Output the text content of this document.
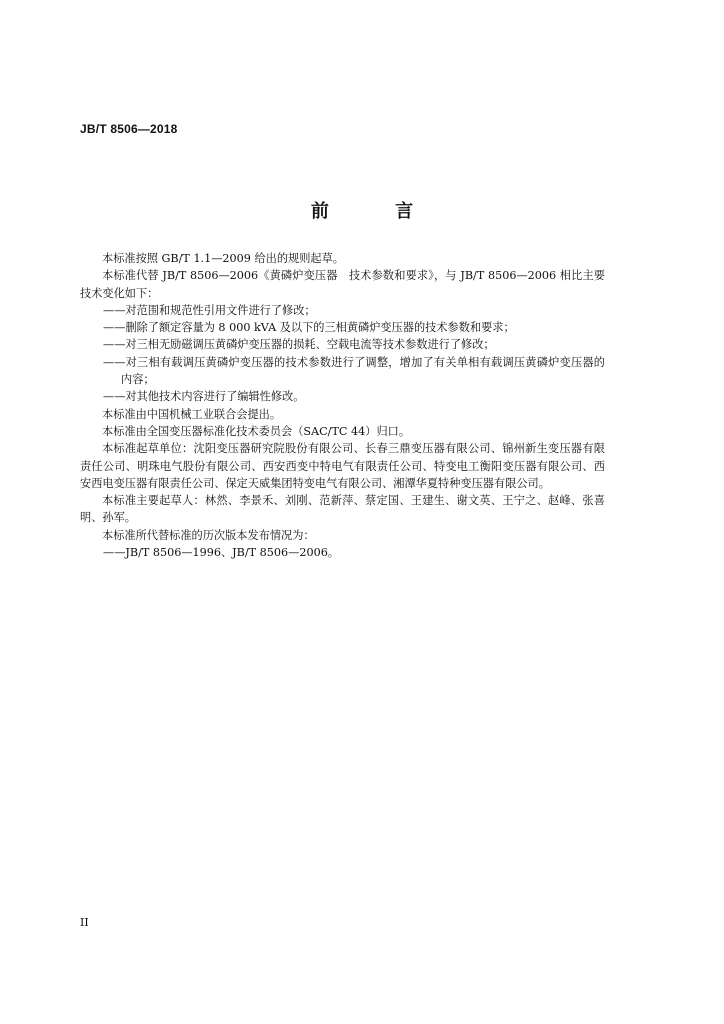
JB/T 8506—2018
前 言

本标准按照 GB/T 1.1—2009 给出的规则起草。

本标准代替 JB/T 8506—2006《黄磷炉变压器　技术参数和要求》，与 JB/T 8506—2006 相比主要技术变化如下：

——对范围和规范性引用文件进行了修改；

——删除了额定容量为 8 000 kVA 及以下的三相黄磷炉变压器的技术参数和要求；

——对三相无励磁调压黄磷炉变压器的损耗、空载电流等技术参数进行了修改；

——对三相有载调压黄磷炉变压器的技术参数进行了调整，增加了有关单相有载调压黄磷炉变压器的内容；

——对其他技术内容进行了编辑性修改。

本标准由中国机械工业联合会提出。

本标准由全国变压器标准化技术委员会（SAC/TC 44）归口。

本标准起草单位：沈阳变压器研究院股份有限公司、长春三鼎变压器有限公司、锦州新生变压器有限责任公司、明珠电气股份有限公司、西安西变中特电气有限责任公司、特变电工衡阳变压器有限公司、西安西电变压器有限责任公司、保定天威集团特变电气有限公司、湘潭华夏特种变压器有限公司。

本标准主要起草人：林然、李景禾、刘刚、范新萍、蔡定国、王建生、谢文英、王宁之、赵峰、张喜明、孙军。

本标准所代替标准的历次版本发布情况为：

——JB/T 8506—1996、JB/T 8506—2006。

II
